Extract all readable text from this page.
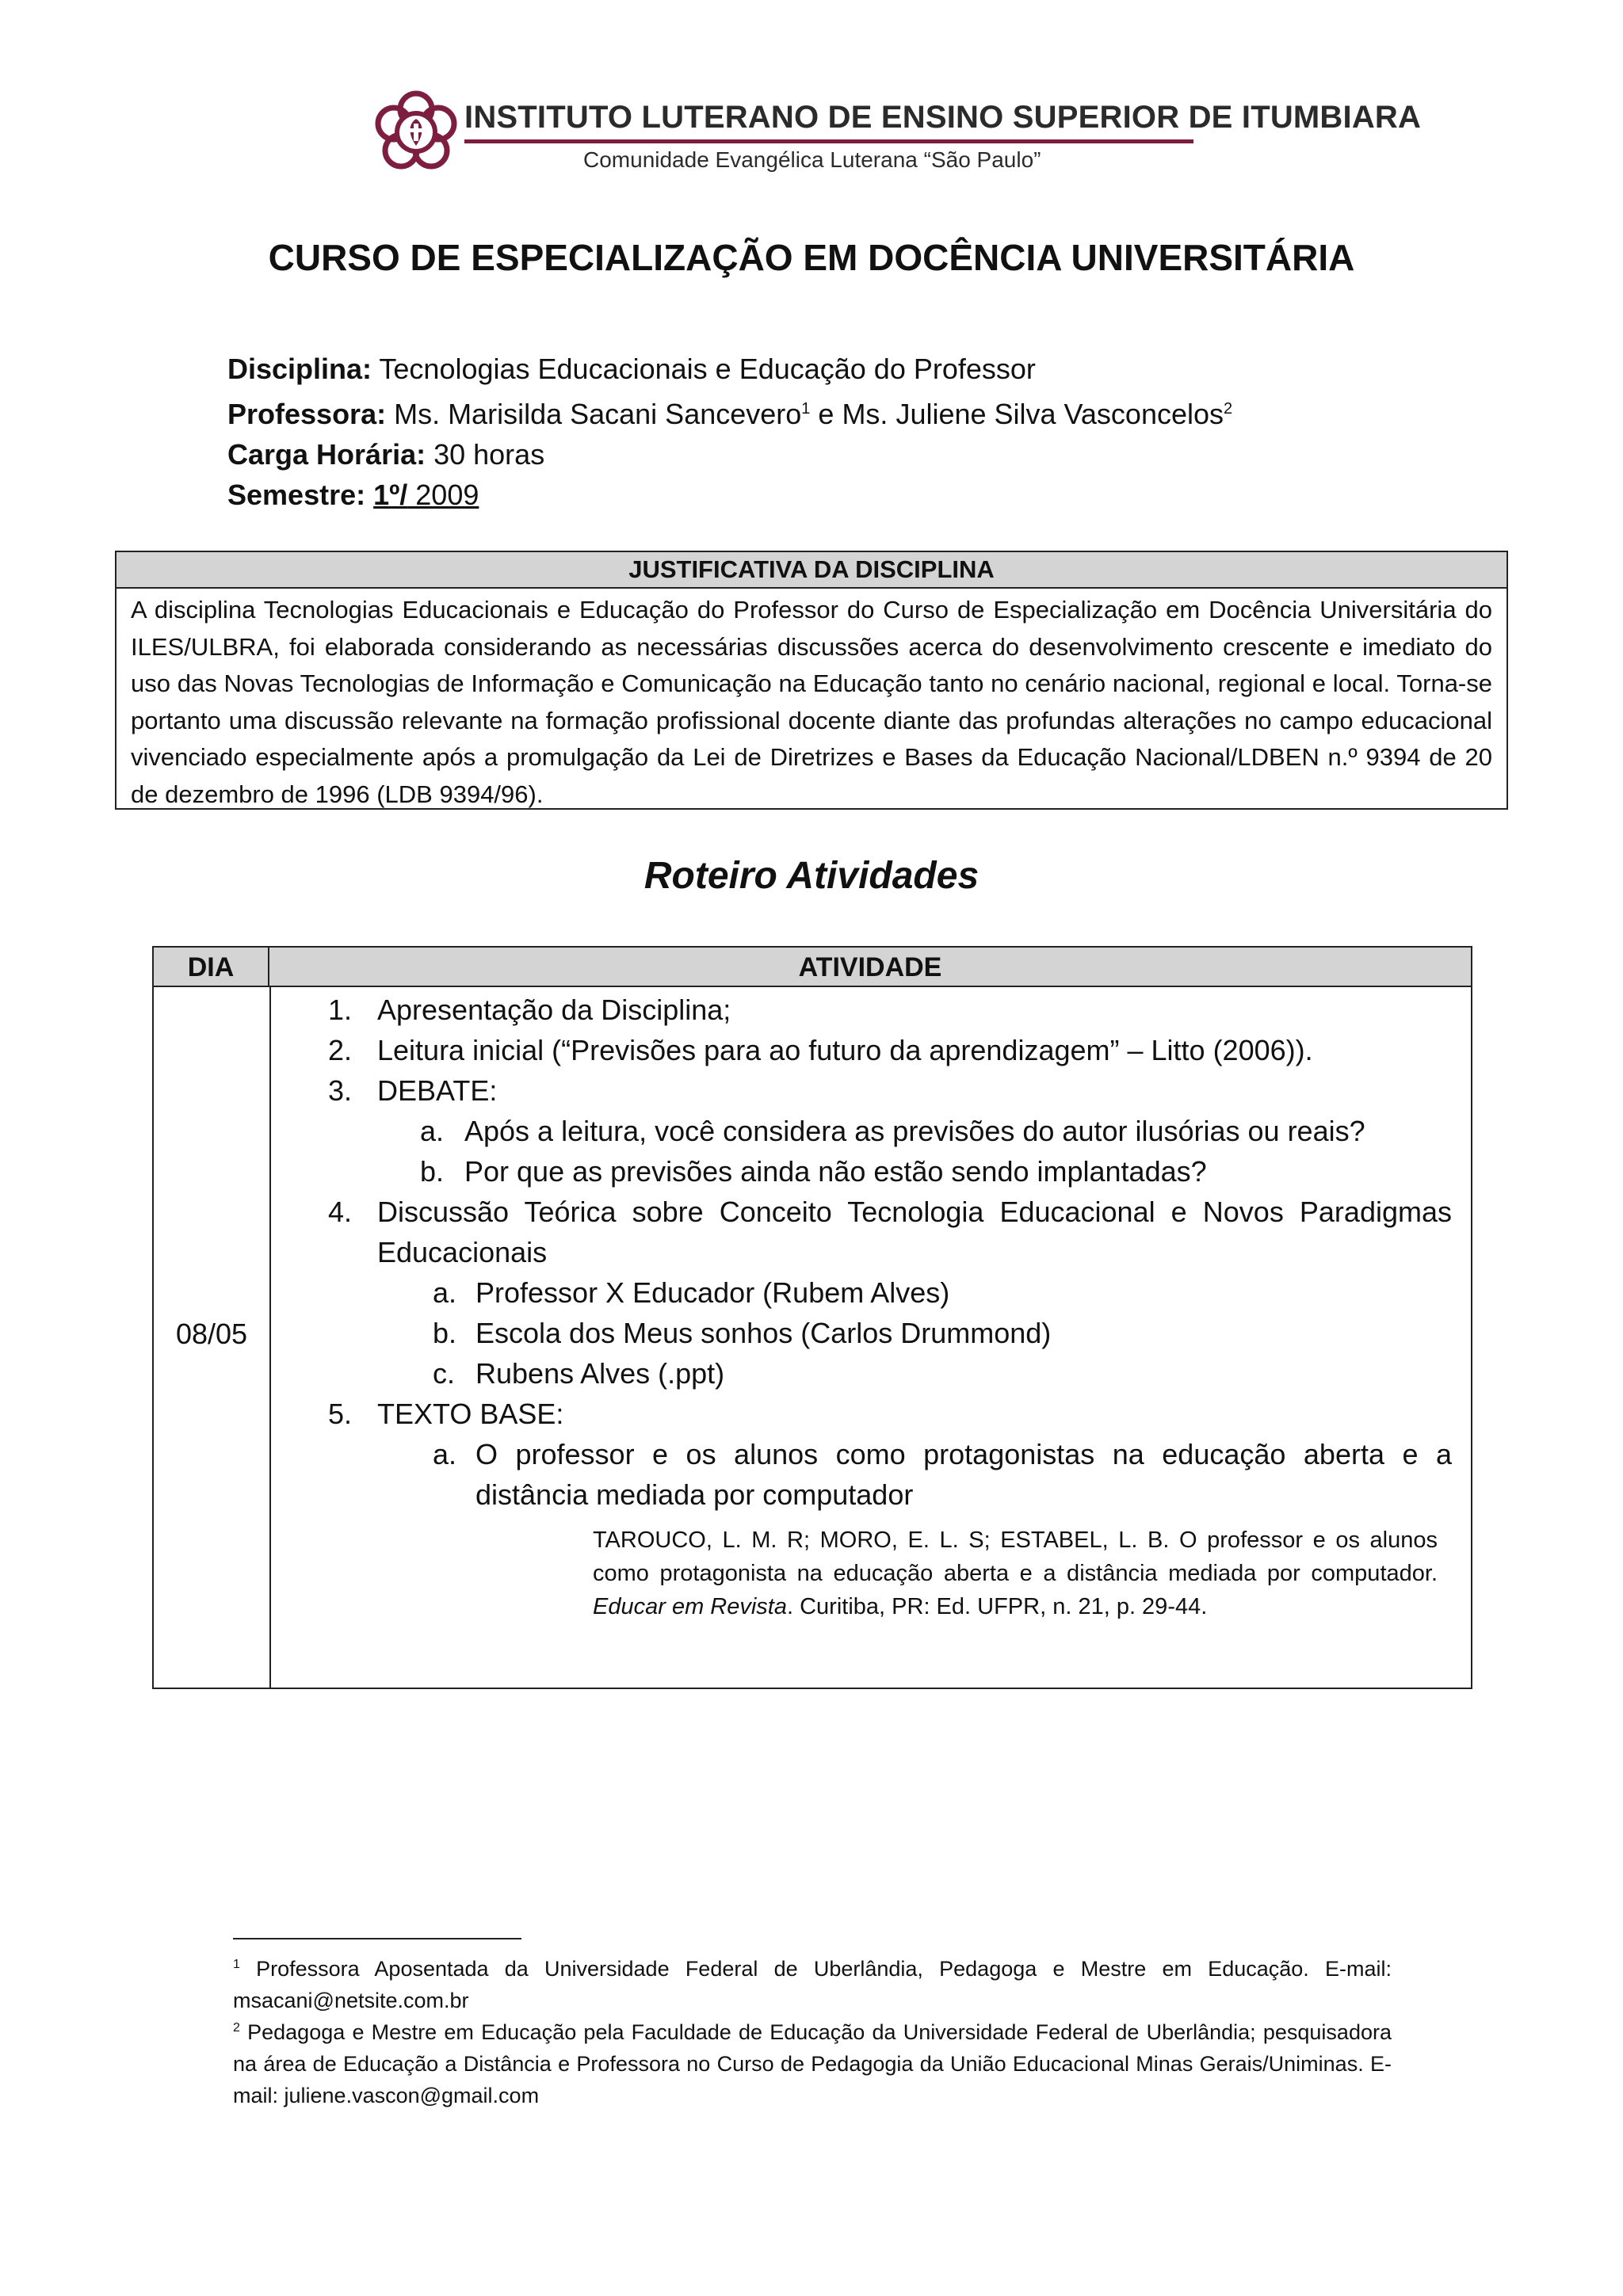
INSTITUTO LUTERANO DE ENSINO SUPERIOR DE ITUMBIARA
Comunidade Evangélica Luterana “São Paulo”
CURSO DE ESPECIALIZAÇÃO EM DOCÊNCIA UNIVERSITÁRIA
Disciplina: Tecnologias Educacionais e Educação do Professor
Professora: Ms. Marisilda Sacani Sancevero$^1$ e Ms. Juliene Silva Vasconcelos$^2$
Carga Horária: 30 horas
Semestre: 1º/ 2009
JUSTIFICATIVA DA DISCIPLINA
A disciplina Tecnologias Educacionais e Educação do Professor do Curso de Especialização em Docência Universitária do ILES/ULBRA, foi elaborada considerando as necessárias discussões acerca do desenvolvimento crescente e imediato do uso das Novas Tecnologias de Informação e Comunicação na Educação tanto no cenário nacional, regional e local. Torna-se portanto uma discussão relevante na formação profissional docente diante das profundas alterações no campo educacional vivenciado especialmente após a promulgação da Lei de Diretrizes e Bases da Educação Nacional/LDBEN n.º 9394 de 20 de dezembro de 1996 (LDB 9394/96).
Roteiro Atividades
DIA	ATIVIDADE
08/05
1. Apresentação da Disciplina;
2. Leitura inicial (“Previsões para ao futuro da aprendizagem” – Litto (2006)).
3. DEBATE:
a. Após a leitura, você considera as previsões do autor ilusórias ou reais?
b. Por que as previsões ainda não estão sendo implantadas?
4. Discussão Teórica sobre Conceito Tecnologia Educacional e Novos Paradigmas
Educacionais
a. Professor X Educador (Rubem Alves)
b. Escola dos Meus sonhos (Carlos Drummond)
c. Rubens Alves (.ppt)
5. TEXTO BASE:
a. O professor e os alunos como protagonistas na educação aberta e a
distância mediada por computador
TAROUCO, L. M. R; MORO, E. L. S; ESTABEL, L. B. O professor e os alunos como protagonista na educação aberta e a distância mediada por computador. Educar em Revista. Curitiba, PR: Ed. UFPR, n. 21, p. 29-44.
$^1$ Professora Aposentada da Universidade Federal de Uberlândia, Pedagoga e Mestre em Educação. E-mail: msacani@netsite.com.br
$^2$ Pedagoga e Mestre em Educação pela Faculdade de Educação da Universidade Federal de Uberlândia; pesquisadora na área de Educação a Distância e Professora no Curso de Pedagogia da União Educacional Minas Gerais/Uniminas. E-mail: juliene.vascon@gmail.com
